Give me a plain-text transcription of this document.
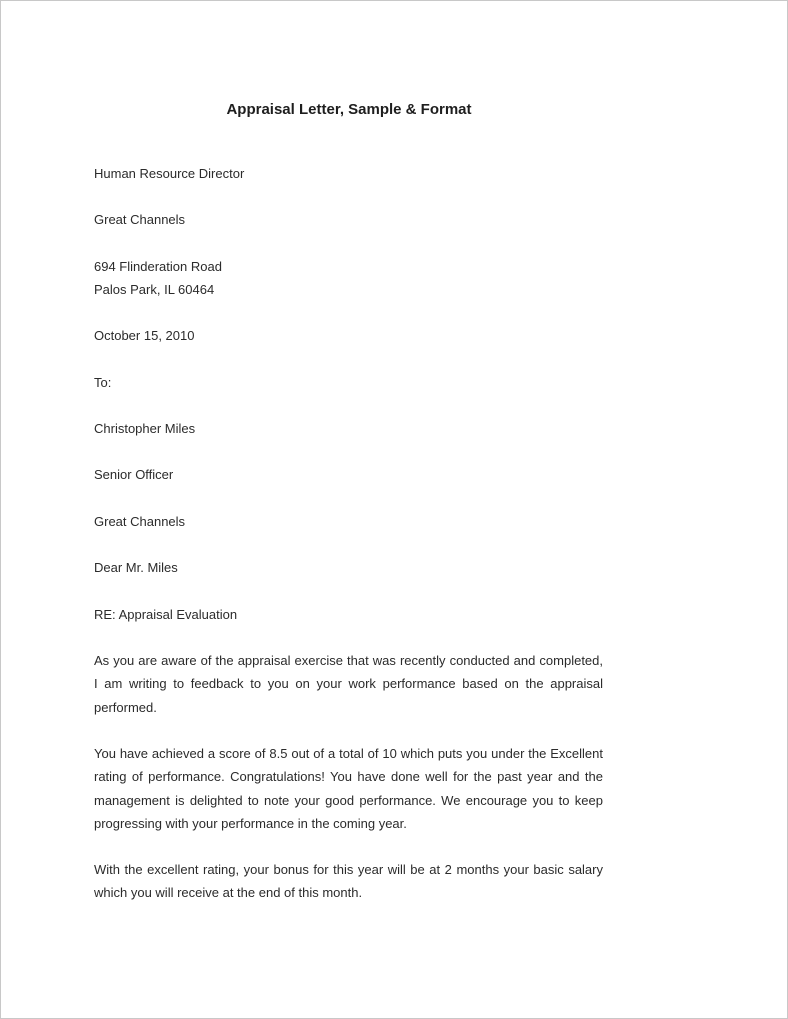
Appraisal Letter, Sample & Format
Human Resource Director
Great Channels
694 Flinderation Road
Palos Park, IL 60464
October 15, 2010
To:
Christopher Miles
Senior Officer
Great Channels
Dear Mr. Miles
RE: Appraisal Evaluation
As you are aware of the appraisal exercise that was recently conducted and completed, I am writing to feedback to you on your work performance based on the appraisal performed.
You have achieved a score of 8.5 out of a total of 10 which puts you under the Excellent rating of performance. Congratulations! You have done well for the past year and the management is delighted to note your good performance. We encourage you to keep progressing with your performance in the coming year.
With the excellent rating, your bonus for this year will be at 2 months your basic salary which you will receive at the end of this month.
